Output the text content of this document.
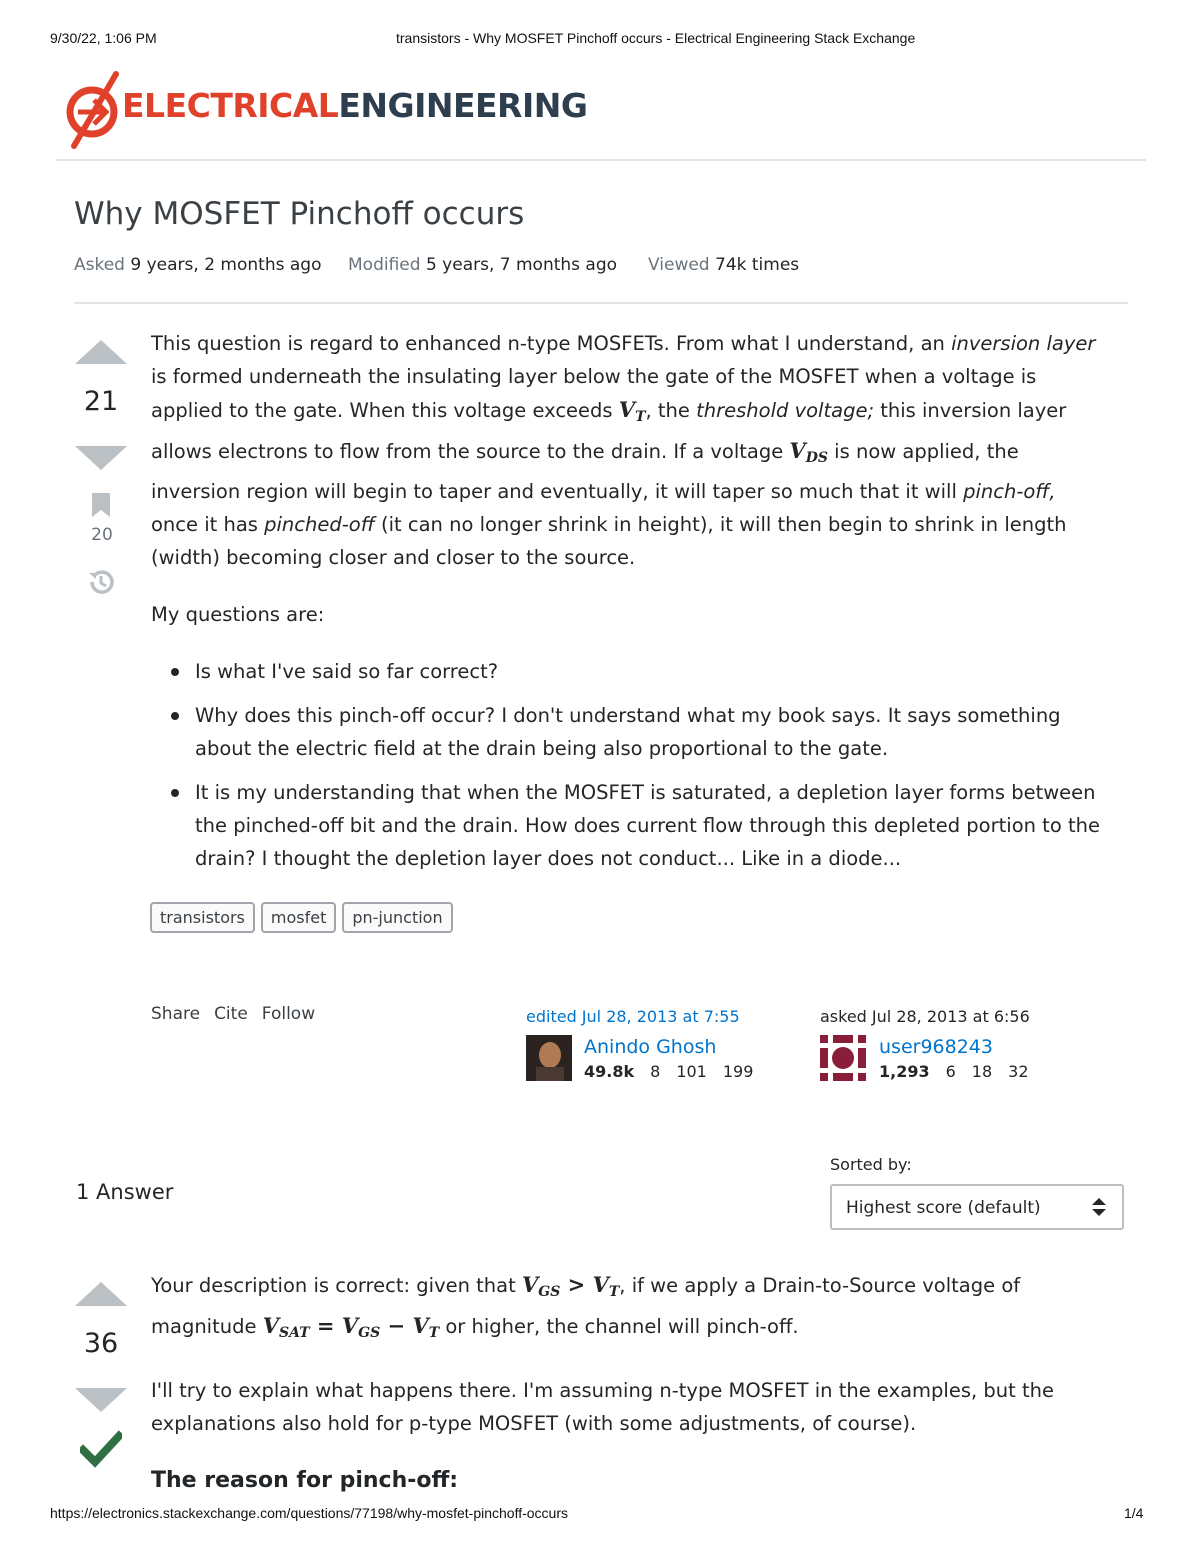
9/30/22, 1:06 PM	transistors - Why MOSFET Pinchoff occurs - Electrical Engineering Stack Exchange
ELECTRICALENGINEERING
Why MOSFET Pinchoff occurs
Asked 9 years, 2 months ago Modified 5 years, 7 months ago Viewed 74k times
21
20

This question is regard to enhanced n-type MOSFETs. From what I understand, an inversion layer is formed underneath the insulating layer below the gate of the MOSFET when a voltage is applied to the gate. When this voltage exceeds $V_T$, the threshold voltage; this inversion layer allows electrons to flow from the source to the drain. If a voltage $V_{DS}$ is now applied, the inversion region will begin to taper and eventually, it will taper so much that it will pinch-off, once it has pinched-off (it can no longer shrink in height), it will then begin to shrink in length (width) becoming closer and closer to the source.

My questions are:

Is what I've said so far correct?
Why does this pinch-off occur? I don't understand what my book says. It says something about the electric field at the drain being also proportional to the gate.
It is my understanding that when the MOSFET is saturated, a depletion layer forms between the pinched-off bit and the drain. How does current flow through this depleted portion to the drain? I thought the depletion layer does not conduct... Like in a diode...
transistors mosfet pn-junction
Share Cite Follow	edited Jul 28, 2013 at 7:55
Anindo Ghosh
49.8k 8 101 199
asked Jul 28, 2013 at 6:56
user968243
1,293 6 18 32
1 Answer
Sorted by:
Highest score (default)
36

Your description is correct: given that $V_{GS} > V_T$, if we apply a Drain-to-Source voltage of magnitude $V_{SAT} = V_{GS} - V_T$ or higher, the channel will pinch-off.

I'll try to explain what happens there. I'm assuming n-type MOSFET in the examples, but the explanations also hold for p-type MOSFET (with some adjustments, of course).

The reason for pinch-off:
https://electronics.stackexchange.com/questions/77198/why-mosfet-pinchoff-occurs	1/4
